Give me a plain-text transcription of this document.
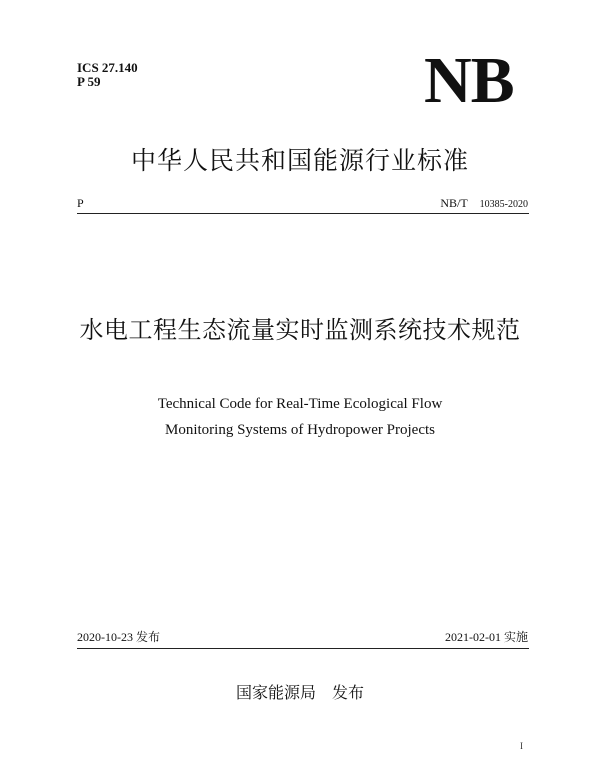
ICS 27.140
P 59	NB
中华人民共和国能源行业标准
P	NB/T 10385-2020
水电工程生态流量实时监测系统技术规范
Technical Code for Real-Time Ecological Flow
Monitoring Systems of Hydropower Projects
2020-10-23 发布	2021-02-01 实施
国家能源局 发布
I
